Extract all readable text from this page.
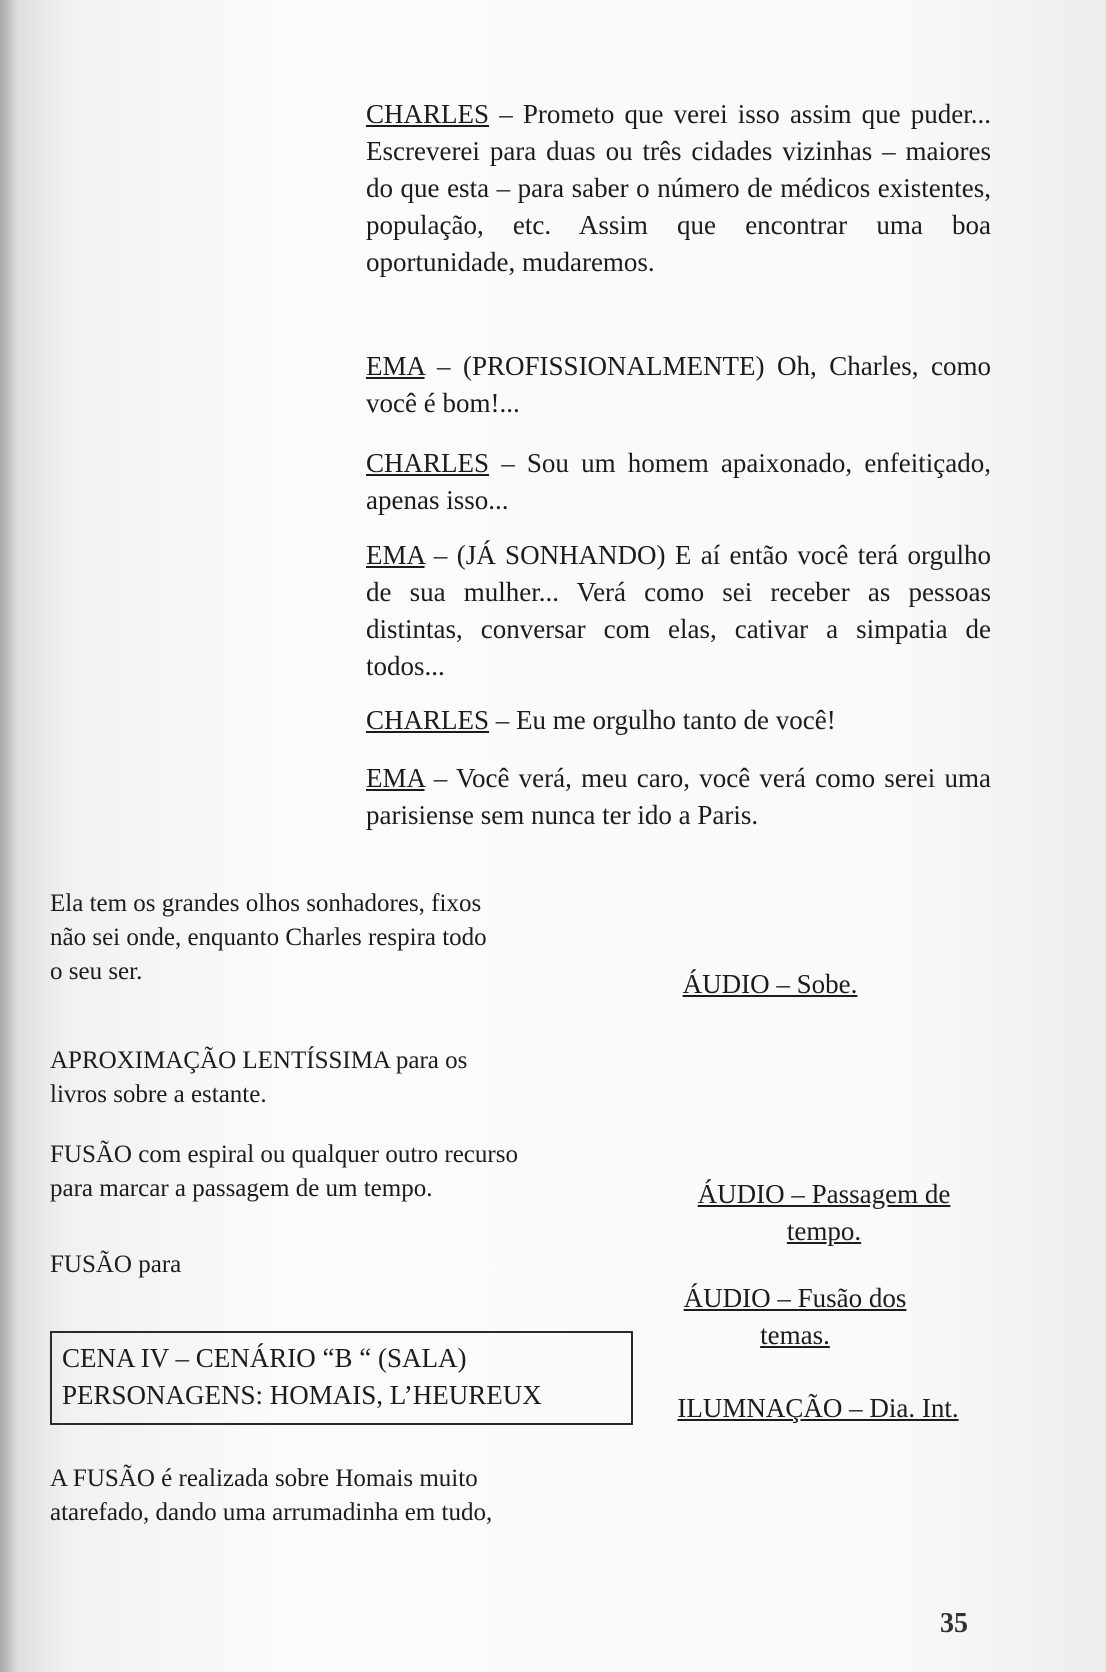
CHARLES – Prometo que verei isso assim que puder... Escreverei para duas ou três cidades vizinhas – maiores do que esta – para saber o número de médicos existentes, população, etc. Assim que encontrar uma boa oportunidade, mudaremos.
EMA – (PROFISSIONALMENTE) Oh, Charles, como você é bom!...
CHARLES – Sou um homem apaixonado, enfeitiçado, apenas isso...
EMA – (JÁ SONHANDO) E aí então você terá orgulho de sua mulher... Verá como sei receber as pessoas distintas, conversar com elas, cativar a simpatia de todos...
CHARLES – Eu me orgulho tanto de você!
EMA – Você verá, meu caro, você verá como serei uma parisiense sem nunca ter ido a Paris.
Ela tem os grandes olhos sonhadores, fixos
não sei onde, enquanto Charles respira todo
o seu ser.
APROXIMAÇÃO LENTÍSSIMA para os
livros sobre a estante.
FUSÃO com espiral ou qualquer outro recurso
para marcar a passagem de um tempo.
FUSÃO para
A FUSÃO é realizada sobre Homais muito
atarefado, dando uma arrumadinha em tudo,
ÁUDIO – Sobe.
ÁUDIO – Passagem de
tempo.
ÁUDIO – Fusão dos
temas.
ILUMNAÇÃO – Dia. Int.
CENA IV – CENÁRIO “B “ (SALA)
PERSONAGENS: HOMAIS, L’HEUREUX
35
